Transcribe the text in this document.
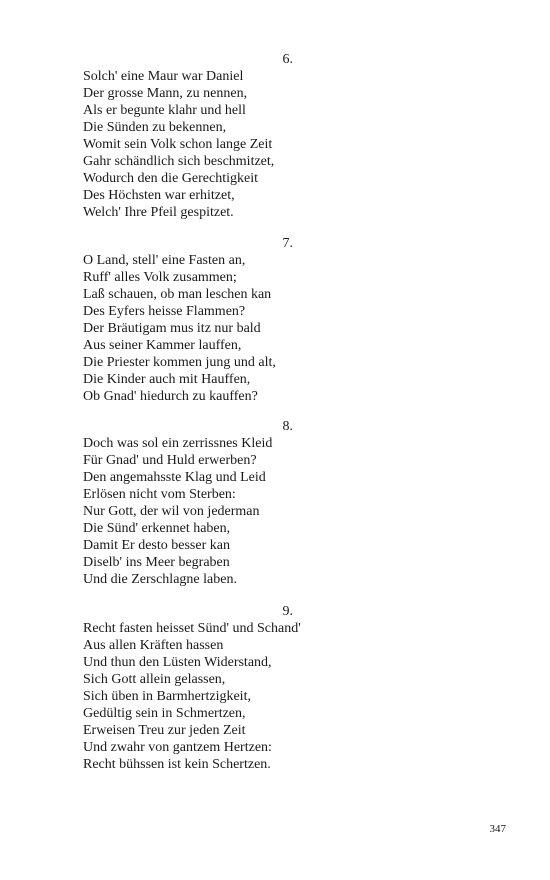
6.
Solch' eine Maur war Daniel
Der grosse Mann, zu nennen,
Als er begunte klahr und hell
Die Sünden zu bekennen,
Womit sein Volk schon lange Zeit
Gahr schändlich sich beschmitzet,
Wodurch den die Gerechtigkeit
Des Höchsten war erhitzet,
Welch' Ihre Pfeil gespitzet.
7.
O Land, stell' eine Fasten an,
Ruff' alles Volk zusammen;
Laß schauen, ob man leschen kan
Des Eyfers heisse Flammen?
Der Bräutigam mus itz nur bald
Aus seiner Kammer lauffen,
Die Priester kommen jung und alt,
Die Kinder auch mit Hauffen,
Ob Gnad' hiedurch zu kauffen?
8.
Doch was sol ein zerrissnes Kleid
Für Gnad' und Huld erwerben?
Den angemahsste Klag und Leid
Erlösen nicht vom Sterben:
Nur Gott, der wil von jederman
Die Sünd' erkennet haben,
Damit Er desto besser kan
Diselb' ins Meer begraben
Und die Zerschlagne laben.
9.
Recht fasten heisset Sünd' und Schand'
Aus allen Kräften hassen
Und thun den Lüsten Widerstand,
Sich Gott allein gelassen,
Sich üben in Barmhertzigkeit,
Gedültig sein in Schmertzen,
Erweisen Treu zur jeden Zeit
Und zwahr von gantzem Hertzen:
Recht bühssen ist kein Schertzen.
347
